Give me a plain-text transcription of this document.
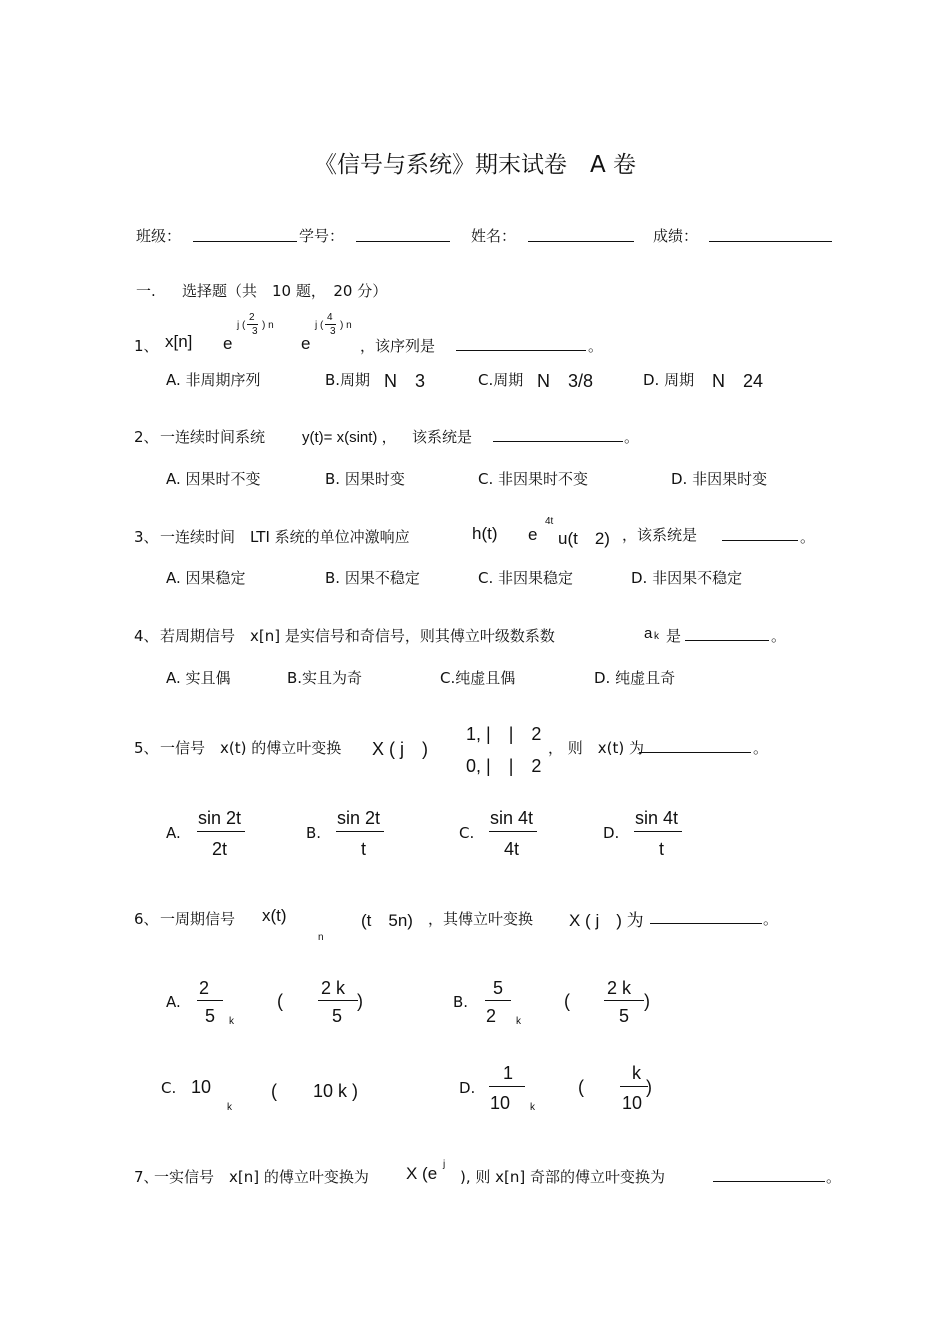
《信号与系统》期末试卷　A 卷
班级：	学号：	姓名：	成绩：
一. 选择题（共　10 题，　20 分）
1、 x[n] e
j (
2
3
) n
e
j (
4
3
) n
，该序列是	。
A. 非周期序列	B.周期 N　3	C.周期 N　3/8	D. 周期 N　24
2、 一连续时间系统 y(t)= x(sint) ， 该系统是	。
A. 因果时不变	B. 因果时变	C. 非因果时不变	D. 非因果时变
3、 一连续时间　LTI 系统的单位冲激响应	h(t) e
4t
u(t　2) ，该系统是	。
A. 因果稳定	B. 因果不稳定	C. 非因果稳定	D. 非因果不稳定
4、 若周期信号　x[n] 是实信号和奇信号，则其傅立叶级数系数	a k 是	。
A. 实且偶	B.实且为奇	C.纯虚且偶	D. 纯虚且奇
5、 一信号　x(t) 的傅立叶变换 X ( j　)
1, |　|　2
0, |　|　2
， 则　x(t) 为	。
A.
sin 2t
2t
B.
sin 2t
t
C.
sin 4t
4t
D.
sin 4t
t
6、 一周期信号 x(t)
n
(t　5n) ，其傅立叶变换 X ( j　) 为	。
A.
2
5 k
(
2 k
5
)	B.
5
2 k
(
2 k
5
)
C. 10
k
(　　10 k )	D.
1
10 k
(
k
10
)
7、
一实信号　x[n] 的傅立叶变换为 X (e j
), 则 x[n] 奇部的傅立叶变换为	。
